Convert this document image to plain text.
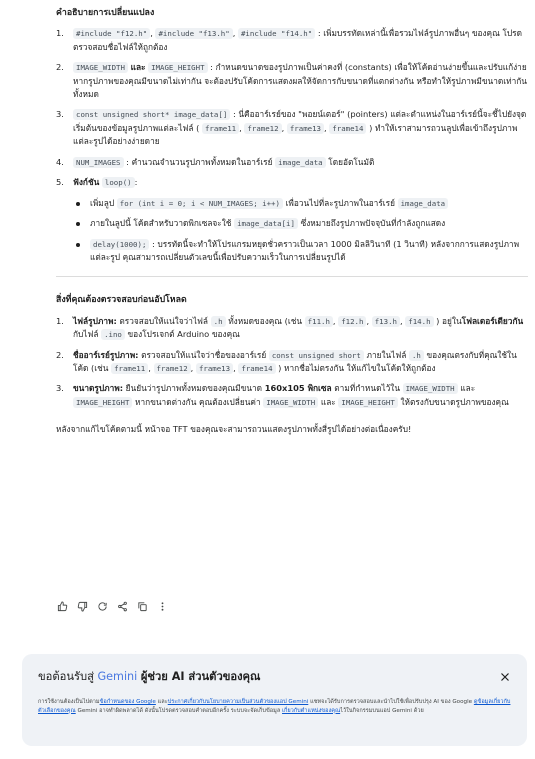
คำอธิบายการเปลี่ยนแปลง
1. #include "f12.h" , #include "f13.h" , #include "f14.h" : เพิ่มบรรทัดเหล่านี้เพื่อรวมไฟล์รูปภาพอื่นๆ ของคุณ โปรดตรวจสอบชื่อไฟล์ให้ถูกต้อง
2. IMAGE_WIDTH และ IMAGE_HEIGHT : กำหนดขนาดของรูปภาพเป็นค่าคงที่ (constants) เพื่อให้โค้ดอ่านง่ายขึ้นและปรับแก้ง่าย หากรูปภาพของคุณมีขนาดไม่เท่ากัน จะต้องปรับโค้ดการแสดงผลให้จัดการกับขนาดที่แตกต่างกัน หรือทำให้รูปภาพมีขนาดเท่ากันทั้งหมด
3. const unsigned short* image_data[] : นี่คืออาร์เรย์ของ "พอยน์เตอร์" (pointers) แต่ละตำแหน่งในอาร์เรย์นี้จะชี้ไปยังจุดเริ่มต้นของข้อมูลรูปภาพแต่ละไฟล์ ( frame11 , frame12 , frame13 , frame14 ) ทำให้เราสามารถวนลูปเพื่อเข้าถึงรูปภาพแต่ละรูปได้อย่างง่ายดาย
4. NUM_IMAGES : คำนวณจำนวนรูปภาพทั้งหมดในอาร์เรย์ image_data โดยอัตโนมัติ
5. ฟังก์ชัน loop() :
เพิ่มลูป for (int i = 0; i < NUM_IMAGES; i++) เพื่อวนไปที่ละรูปภาพในอาร์เรย์ image_data
ภายในลูปนี้ โค้ดสำหรับวาดพิกเซลจะใช้ image_data[i] ซึ่งหมายถึงรูปภาพปัจจุบันที่กำลังถูกแสดง
delay(1000); : บรรทัดนี้จะทำให้โปรแกรมหยุดชั่วคราวเป็นเวลา 1000 มิลลิวินาที (1 วินาที) หลังจากการแสดงรูปภาพแต่ละรูป คุณสามารถเปลี่ยนตัวเลขนี้เพื่อปรับความเร็วในการเปลี่ยนรูปได้
สิ่งที่คุณต้องตรวจสอบก่อนอัปโหลด
1. ไฟล์รูปภาพ: ตรวจสอบให้แน่ใจว่าไฟล์ .h ทั้งหมดของคุณ (เช่น f11.h , f12.h , f13.h , f14.h ) อยู่ในโฟลเดอร์เดียวกัน กับไฟล์ .ino ของโปรเจกต์ Arduino ของคุณ
2. ชื่ออาร์เรย์รูปภาพ: ตรวจสอบให้แน่ใจว่าชื่อของอาร์เรย์ const unsigned short ภายในไฟล์ .h ของคุณตรงกับที่คุณใช้ในโค้ด (เช่น frame11 , frame12 , frame13 , frame14 ) หากชื่อไม่ตรงกัน ให้แก้ไขในโค้ดให้ถูกต้อง
3. ขนาดรูปภาพ: ยืนยันว่ารูปภาพทั้งหมดของคุณมีขนาด 160x105 พิกเซล ตามที่กำหนดไว้ใน IMAGE_WIDTH และ IMAGE_HEIGHT หากขนาดต่างกัน คุณต้องเปลี่ยนค่า IMAGE_WIDTH และ IMAGE_HEIGHT ให้ตรงกับขนาดรูปภาพของคุณ
หลังจากแก้ไขโค้ดตามนี้ หน้าจอ TFT ของคุณจะสามารถวนแสดงรูปภาพทั้งสี่รูปได้อย่างต่อเนื่องครับ!
ขอต้อนรับสู่
Gemini
ผู้ช่วย AI ส่วนตัวของคุณ
การใช้งานต้องเป็นไปตามข้อกำหนดของ Google และประกาศเกี่ยวกับนโยบายความเป็นส่วนตัวของแอป Gemini แชทจะได้รับการตรวจสอบและนำไปใช้เพื่อปรับปรุง AI ของ Google ดูข้อมูลเกี่ยวกับตัวเลือกของคุณ Gemini อาจทำผิดพลาดได้ ดังนั้นโปรดตรวจสอบคำตอบอีกครั้ง ระบบจะจัดเก็บข้อมูล เกี่ยวกับตำแหน่งของคุณไว้ในกิจกรรมบนแอป Gemini ด้วย
